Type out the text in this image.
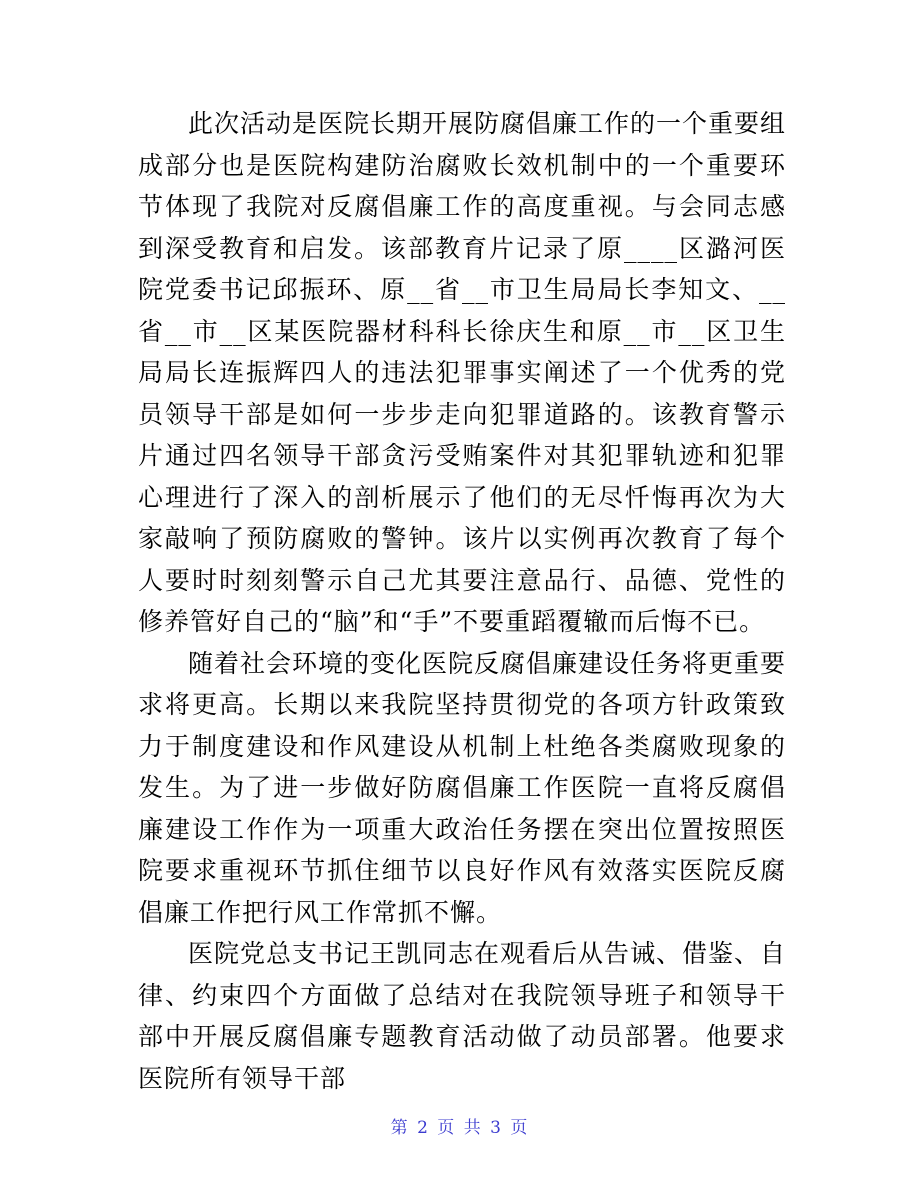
此次活动是医院长期开展防腐倡廉工作的一个重要组成部分也是医院构建防治腐败长效机制中的一个重要环节体现了我院对反腐倡廉工作的高度重视。与会同志感到深受教育和启发。该部教育片记录了原____区潞河医院党委书记邱振环、原__省__市卫生局局长李知文、__省__市__区某医院器材科科长徐庆生和原__市__区卫生局局长连振辉四人的违法犯罪事实阐述了一个优秀的党员领导干部是如何一步步走向犯罪道路的。该教育警示片通过四名领导干部贪污受贿案件对其犯罪轨迹和犯罪心理进行了深入的剖析展示了他们的无尽忏悔再次为大家敲响了预防腐败的警钟。该片以实例再次教育了每个人要时时刻刻警示自己尤其要注意品行、品德、党性的修养管好自己的“脑”和“手”不要重蹈覆辙而后悔不已。

随着社会环境的变化医院反腐倡廉建设任务将更重要求将更高。长期以来我院坚持贯彻党的各项方针政策致力于制度建设和作风建设从机制上杜绝各类腐败现象的发生。为了进一步做好防腐倡廉工作医院一直将反腐倡廉建设工作作为一项重大政治任务摆在突出位置按照医院要求重视环节抓住细节以良好作风有效落实医院反腐倡廉工作把行风工作常抓不懈。

医院党总支书记王凯同志在观看后从告诫、借鉴、自律、约束四个方面做了总结对在我院领导班子和领导干部中开展反腐倡廉专题教育活动做了动员部署。他要求医院所有领导干部

第 2 页 共 3 页
